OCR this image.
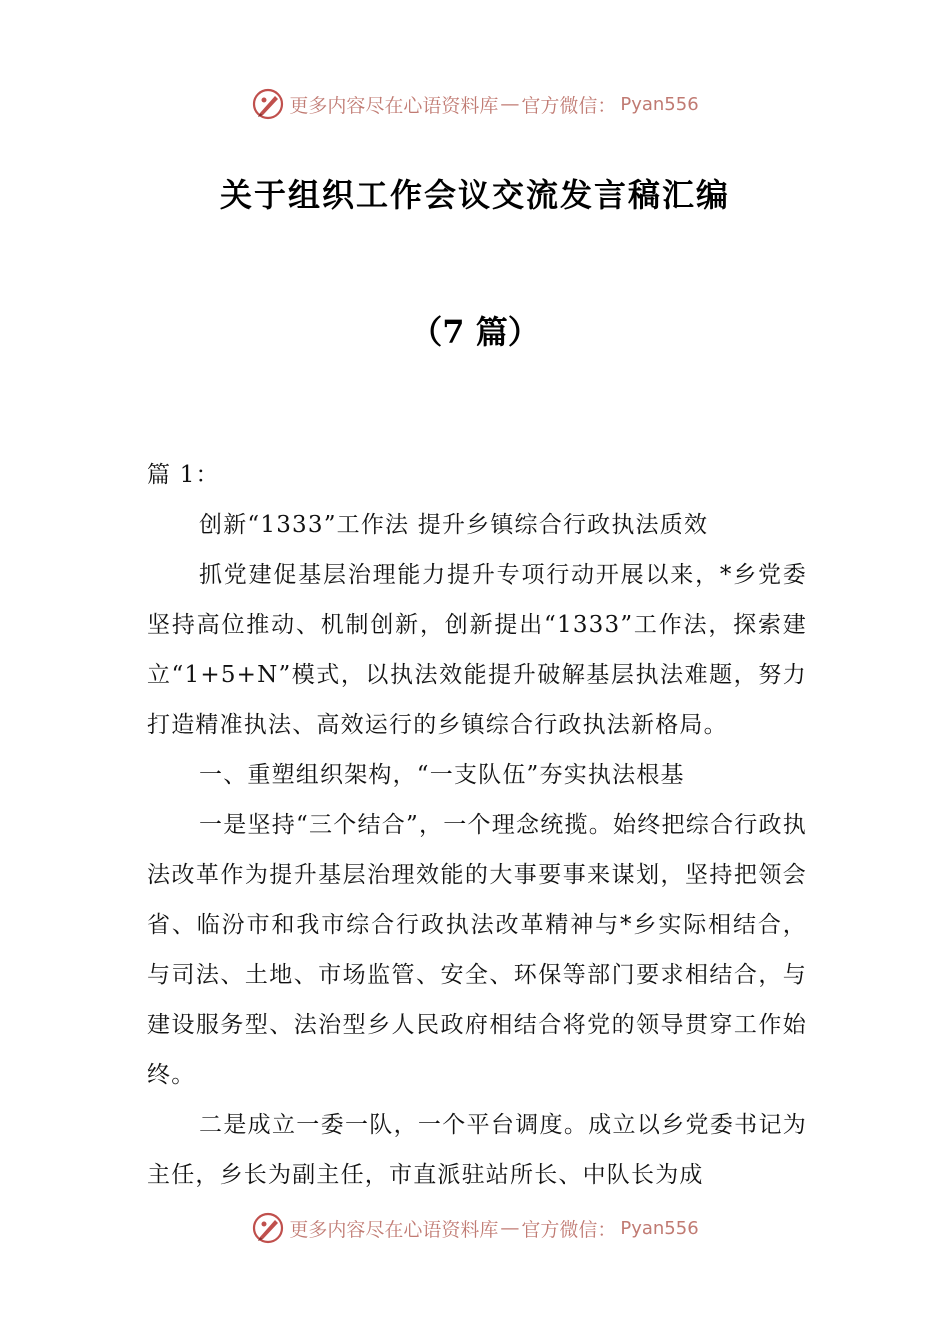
更多内容尽在心语资料库 — 官方微信： Pyan556
关于组织工作会议交流发言稿汇编
（7 篇）

篇 1：

创新“1333”工作法 提升乡镇综合行政执法质效

抓党建促基层治理能力提升专项行动开展以来，*乡党委坚持高位推动、机制创新，创新提出“1333”工作法，探索建立“1+5+N”模式，以执法效能提升破解基层执法难题，努力打造精准执法、高效运行的乡镇综合行政执法新格局。

一、重塑组织架构，“一支队伍”夯实执法根基

一是坚持“三个结合”，一个理念统揽。始终把综合行政执法改革作为提升基层治理效能的大事要事来谋划，坚持把领会省、临汾市和我市综合行政执法改革精神与*乡实际相结合，与司法、土地、市场监管、安全、环保等部门要求相结合，与建设服务型、法治型乡人民政府相结合将党的领导贯穿工作始终。

二是成立一委一队，一个平台调度。成立以乡党委书记为主任，乡长为副主任，市直派驻站所长、中队长为成

更多内容尽在心语资料库 — 官方微信： Pyan556
